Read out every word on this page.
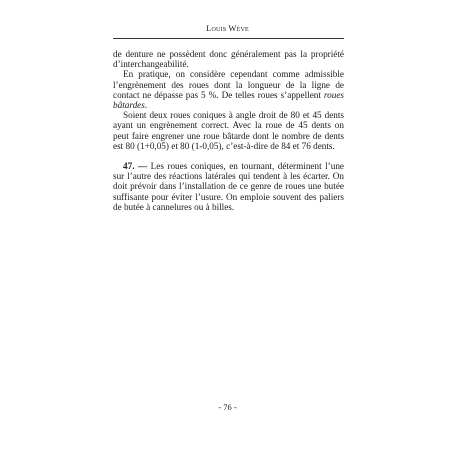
Louis Wève

de denture ne possèdent donc généralement pas la propriété d’interchangeabilité.

En pratique, on considère cependant comme admissible l’engrènement des roues dont la longueur de la ligne de contact ne dépasse pas 5 %. De telles roues s’appellent roues bâtardes.

Soient deux roues coniques à angle droit de 80 et 45 dents ayant un engrènement correct. Avec la roue de 45 dents on peut faire engrener une roue bâtarde dont le nombre de dents est 80 (1+0,05) et 80 (1-0,05), c’est-à-dire de 84 et 76 dents.

47. — Les roues coniques, en tournant, déterminent l’une sur l’autre des réactions latérales qui tendent à les écarter. On doit prévoir dans l’installation de ce genre de roues une butée suffisante pour éviter l’usure. On emploie souvent des paliers de butée à cannelures ou à billes.

- 76 -
